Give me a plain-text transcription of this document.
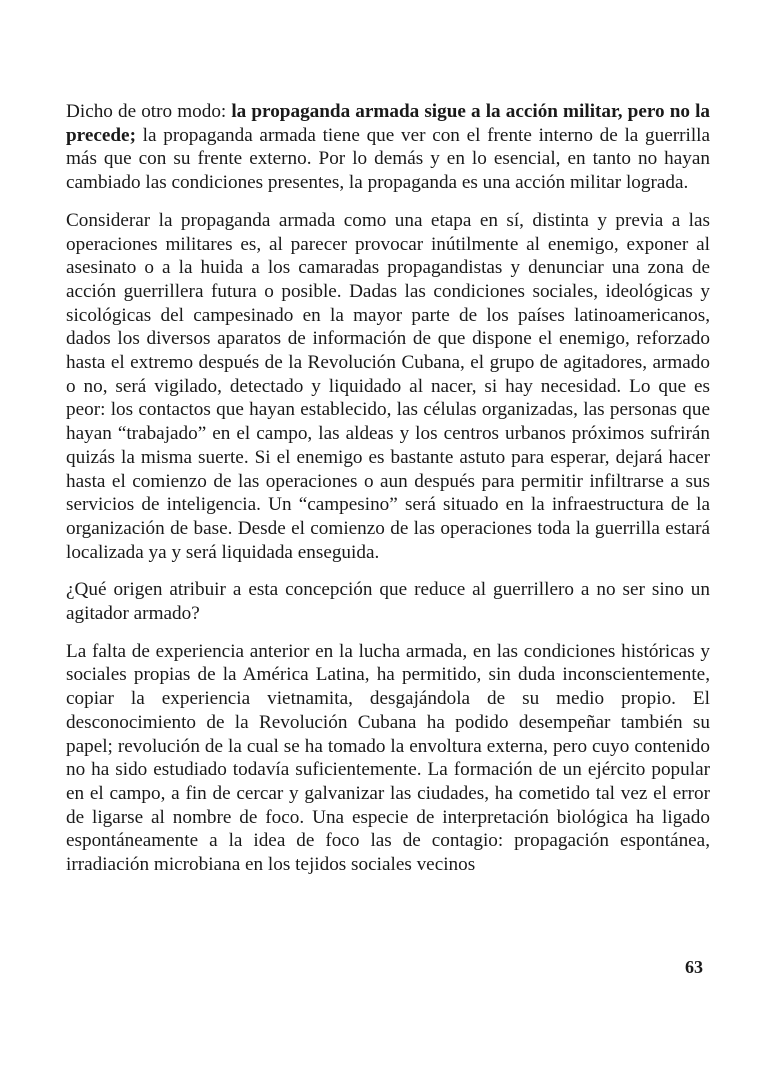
Dicho de otro modo: la propaganda armada sigue a la acción militar, pero no la precede; la propaganda armada tiene que ver con el frente interno de la guerrilla más que con su frente externo. Por lo demás y en lo esencial, en tanto no hayan cambiado las condiciones presentes, la propaganda es una acción militar lograda.

Considerar la propaganda armada como una etapa en sí, distinta y previa a las operaciones militares es, al parecer provocar inútilmente al enemigo, exponer al asesinato o a la huida a los camaradas propagandistas y denunciar una zona de acción guerrillera futura o posible. Dadas las condiciones sociales, ideológicas y sicológicas del campesinado en la mayor parte de los países latinoamericanos, dados los diversos aparatos de información de que dispone el enemigo, reforzado hasta el extremo después de la Revolución Cubana, el grupo de agitadores, armado o no, será vigilado, detectado y liquidado al nacer, si hay necesidad. Lo que es peor: los contactos que hayan establecido, las células organizadas, las personas que hayan “trabajado” en el campo, las aldeas y los centros urbanos próximos sufrirán quizás la misma suerte. Si el enemigo es bastante astuto para esperar, dejará hacer hasta el comienzo de las operaciones o aun después para permitir infiltrarse a sus servicios de inteligencia. Un “campesino” será situado en la infraestructura de la organización de base. Desde el comienzo de las operaciones toda la guerrilla estará localizada ya y será liquidada enseguida.

¿Qué origen atribuir a esta concepción que reduce al guerrillero a no ser sino un agitador armado?

La falta de experiencia anterior en la lucha armada, en las condiciones históricas y sociales propias de la América Latina, ha permitido, sin duda inconscientemente, copiar la experiencia vietnamita, desgajándola de su medio propio. El desconocimiento de la Revolución Cubana ha podido desempeñar también su papel; revolución de la cual se ha tomado la envoltura externa, pero cuyo contenido no ha sido estudiado todavía suficientemente. La formación de un ejército popular en el campo, a fin de cercar y galvanizar las ciudades, ha cometido tal vez el error de ligarse al nombre de foco. Una especie de interpretación biológica ha ligado espontáneamente a la idea de foco las de contagio: propagación espontánea, irradiación microbiana en los tejidos sociales vecinos

63
